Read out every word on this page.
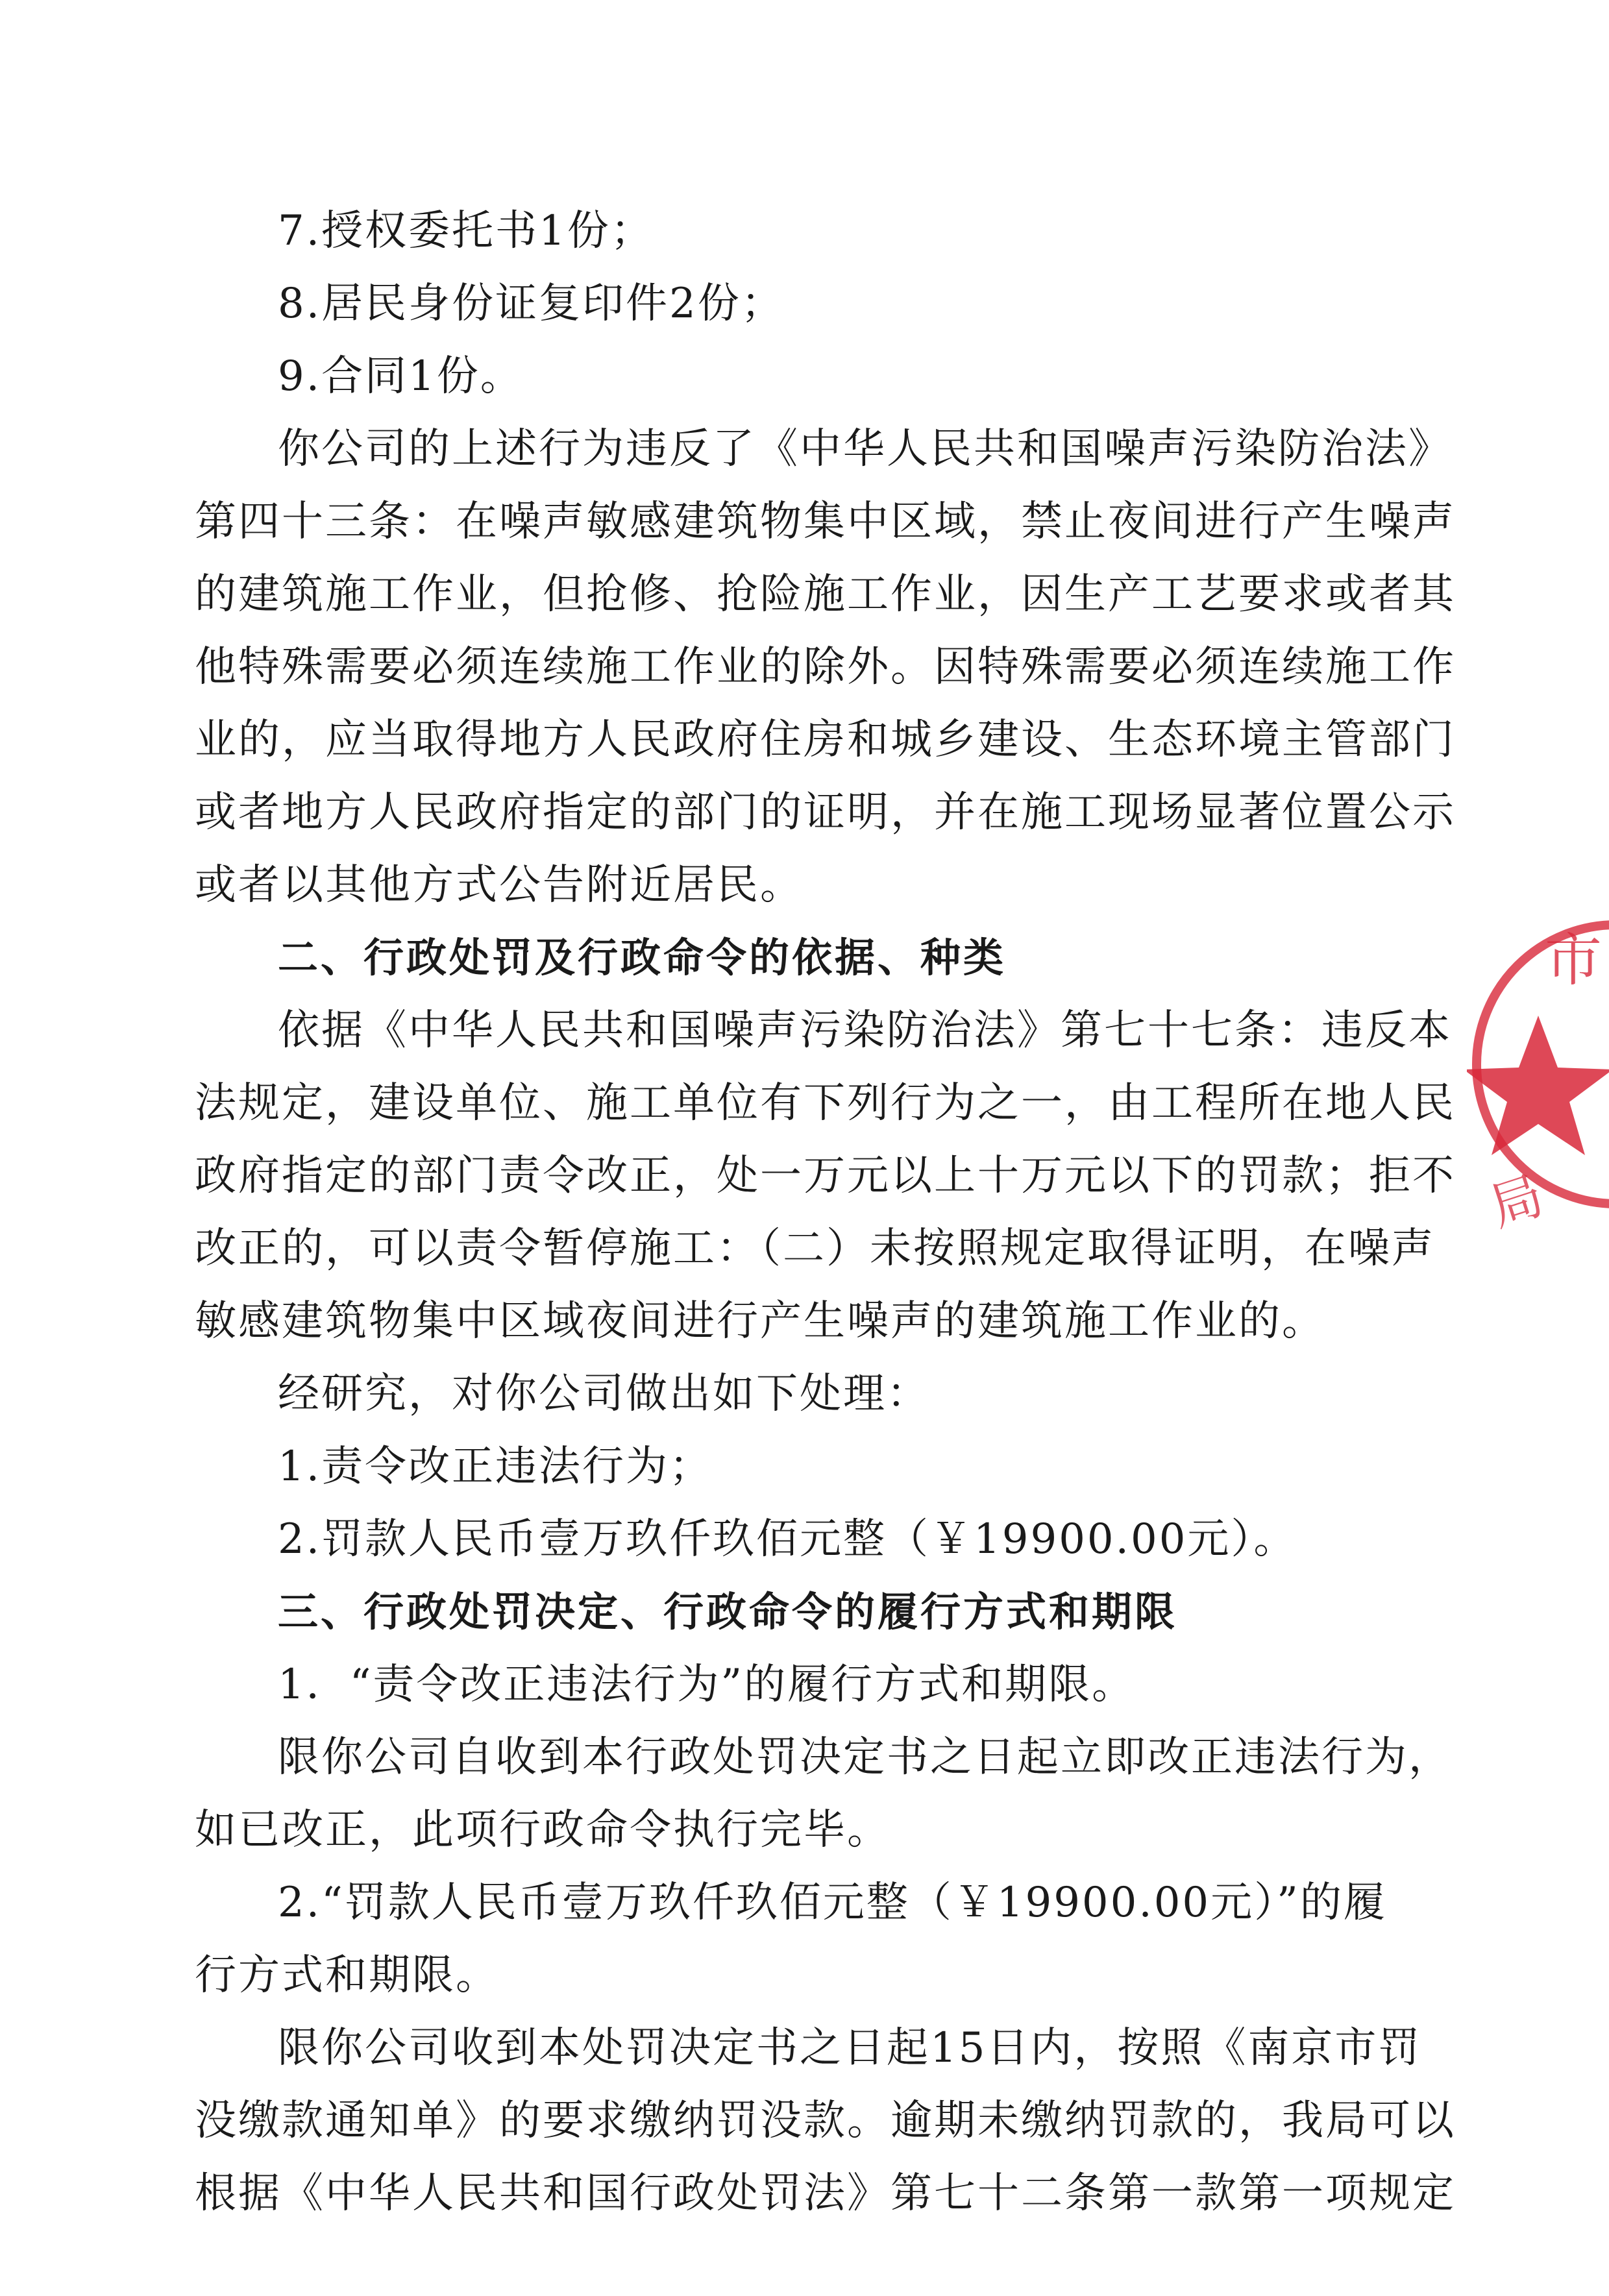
7.授权委托书1份；
8.居民身份证复印件2份；
9.合同1份。
你公司的上述行为违反了《中华人民共和国噪声污染防治法》
第四十三条：在噪声敏感建筑物集中区域，禁止夜间进行产生噪声
的建筑施工作业，但抢修、抢险施工作业，因生产工艺要求或者其
他特殊需要必须连续施工作业的除外。因特殊需要必须连续施工作
业的，应当取得地方人民政府住房和城乡建设、生态环境主管部门
或者地方人民政府指定的部门的证明，并在施工现场显著位置公示
或者以其他方式公告附近居民。
二、行政处罚及行政命令的依据、种类
依据《中华人民共和国噪声污染防治法》第七十七条：违反本
法规定，建设单位、施工单位有下列行为之一，由工程所在地人民
政府指定的部门责令改正，处一万元以上十万元以下的罚款；拒不
改正的，可以责令暂停施工：（二）未按照规定取得证明，在噪声
敏感建筑物集中区域夜间进行产生噪声的建筑施工作业的。
经研究，对你公司做出如下处理：
1.责令改正违法行为；
2.罚款人民币壹万玖仟玖佰元整（￥19900.00元）。
三、行政处罚决定、行政命令的履行方式和期限
1．“责令改正违法行为”的履行方式和期限。
限你公司自收到本行政处罚决定书之日起立即改正违法行为，
如已改正，此项行政命令执行完毕。
2.“罚款人民币壹万玖仟玖佰元整（￥19900.00元）”的履
行方式和期限。
限你公司收到本处罚决定书之日起15日内，按照《南京市罚
没缴款通知单》的要求缴纳罚没款。逾期未缴纳罚款的，我局可以
根据《中华人民共和国行政处罚法》第七十二条第一款第一项规定
市
局
